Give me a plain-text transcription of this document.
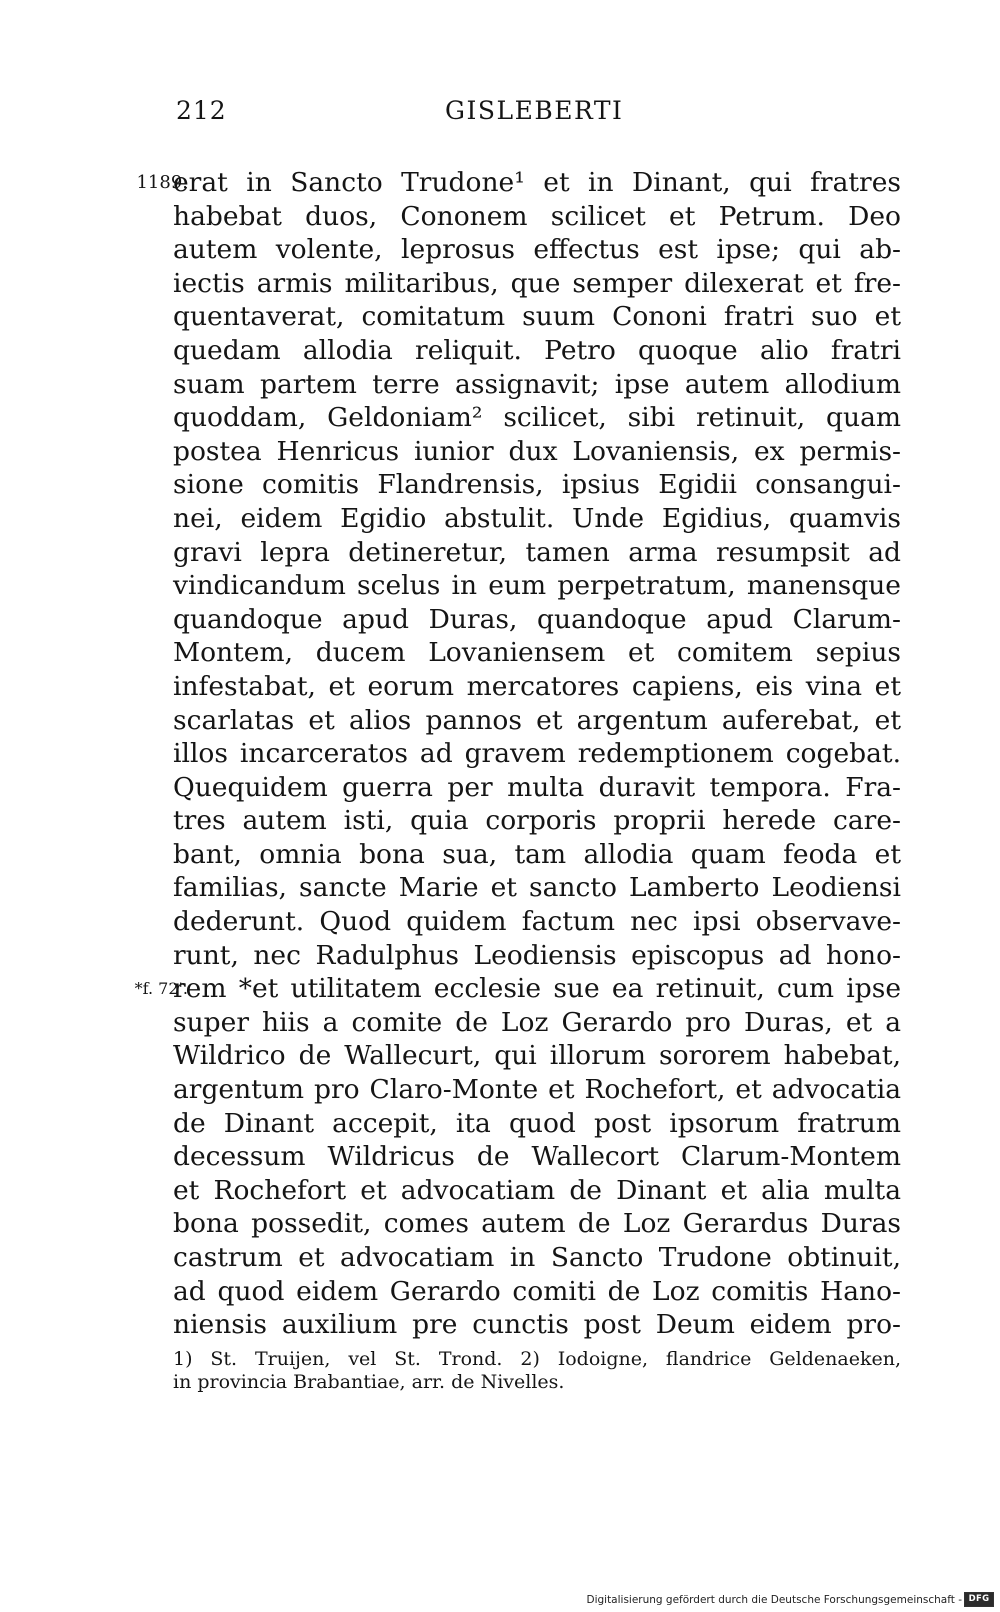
212	GISLEBERTI
1189.
*f. 72'.
erat in Sancto Trudone¹ et in Dinant, qui fratres
habebat duos, Cononem scilicet et Petrum. Deo
autem volente, leprosus effectus est ipse; qui ab-
iectis armis militaribus, que semper dilexerat et fre-
quentaverat, comitatum suum Cononi fratri suo et
quedam allodia reliquit. Petro quoque alio fratri
suam partem terre assignavit; ipse autem allodium
quoddam, Geldoniam² scilicet, sibi retinuit, quam
postea Henricus iunior dux Lovaniensis, ex permis-
sione comitis Flandrensis, ipsius Egidii consangui-
nei, eidem Egidio abstulit. Unde Egidius, quamvis
gravi lepra detineretur, tamen arma resumpsit ad
vindicandum scelus in eum perpetratum, manensque
quandoque apud Duras, quandoque apud Clarum-
Montem, ducem Lovaniensem et comitem sepius
infestabat, et eorum mercatores capiens, eis vina et
scarlatas et alios pannos et argentum auferebat, et
illos incarceratos ad gravem redemptionem cogebat.
Quequidem guerra per multa duravit tempora. Fra-
tres autem isti, quia corporis proprii herede care-
bant, omnia bona sua, tam allodia quam feoda et
familias, sancte Marie et sancto Lamberto Leodiensi
dederunt. Quod quidem factum nec ipsi observave-
runt, nec Radulphus Leodiensis episcopus ad hono-
rem *et utilitatem ecclesie sue ea retinuit, cum ipse
super hiis a comite de Loz Gerardo pro Duras, et a
Wildrico de Wallecurt, qui illorum sororem habebat,
argentum pro Claro-Monte et Rochefort, et advocatia
de Dinant accepit, ita quod post ipsorum fratrum
decessum Wildricus de Wallecort Clarum-Montem
et Rochefort et advocatiam de Dinant et alia multa
bona possedit, comes autem de Loz Gerardus Duras
castrum et advocatiam in Sancto Trudone obtinuit,
ad quod eidem Gerardo comiti de Loz comitis Hano-
niensis auxilium pre cunctis post Deum eidem pro-
1) St. Truijen, vel St. Trond. 2) Iodoigne, flandrice Geldenaeken,
in provincia Brabantiae, arr. de Nivelles.
Digitalisierung gefördert durch die Deutsche Forschungsgemeinschaft - DFG
